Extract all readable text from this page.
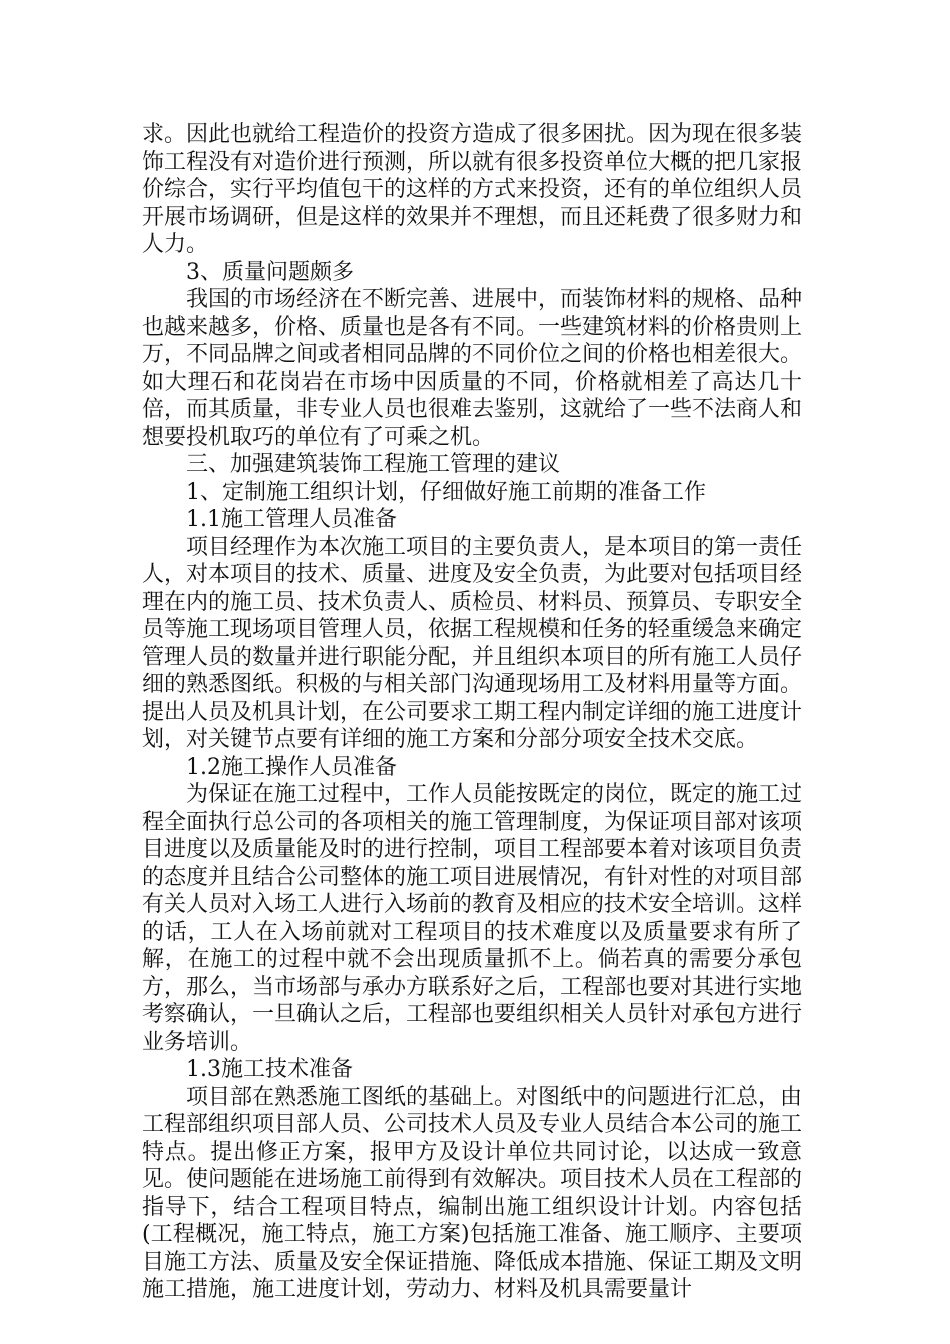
求。因此也就给工程造价的投资方造成了很多困扰。因为现在很多装饰工程没有对造价进行预测，所以就有很多投资单位大概的把几家报价综合，实行平均值包干的这样的方式来投资，还有的单位组织人员开展市场调研，但是这样的效果并不理想，而且还耗费了很多财力和人力。

3、质量问题颇多

我国的市场经济在不断完善、进展中，而装饰材料的规格、品种也越来越多，价格、质量也是各有不同。一些建筑材料的价格贵则上万，不同品牌之间或者相同品牌的不同价位之间的价格也相差很大。如大理石和花岗岩在市场中因质量的不同，价格就相差了高达几十倍，而其质量，非专业人员也很难去鉴别，这就给了一些不法商人和想要投机取巧的单位有了可乘之机。

三、加强建筑装饰工程施工管理的建议

1、定制施工组织计划，仔细做好施工前期的准备工作

1.1施工管理人员准备

项目经理作为本次施工项目的主要负责人，是本项目的第一责任人，对本项目的技术、质量、进度及安全负责，为此要对包括项目经理在内的施工员、技术负责人、质检员、材料员、预算员、专职安全员等施工现场项目管理人员，依据工程规模和任务的轻重缓急来确定管理人员的数量并进行职能分配，并且组织本项目的所有施工人员仔细的熟悉图纸。积极的与相关部门沟通现场用工及材料用量等方面。提出人员及机具计划，在公司要求工期工程内制定详细的施工进度计划，对关键节点要有详细的施工方案和分部分项安全技术交底。

1.2施工操作人员准备

为保证在施工过程中，工作人员能按既定的岗位，既定的施工过程全面执行总公司的各项相关的施工管理制度，为保证项目部对该项目进度以及质量能及时的进行控制，项目工程部要本着对该项目负责的态度并且结合公司整体的施工项目进展情况，有针对性的对项目部有关人员对入场工人进行入场前的教育及相应的技术安全培训。这样的话，工人在入场前就对工程项目的技术难度以及质量要求有所了解，在施工的过程中就不会出现质量抓不上。倘若真的需要分承包方，那么，当市场部与承办方联系好之后，工程部也要对其进行实地考察确认，一旦确认之后，工程部也要组织相关人员针对承包方进行业务培训。

1.3施工技术准备

项目部在熟悉施工图纸的基础上。对图纸中的问题进行汇总，由工程部组织项目部人员、公司技术人员及专业人员结合本公司的施工特点。提出修正方案，报甲方及设计单位共同讨论，以达成一致意见。使问题能在进场施工前得到有效解决。项目技术人员在工程部的指导下，结合工程项目特点，编制出施工组织设计计划。内容包括(工程概况，施工特点，施工方案)包括施工准备、施工顺序、主要项目施工方法、质量及安全保证措施、降低成本措施、保证工期及文明施工措施，施工进度计划，劳动力、材料及机具需要量计
